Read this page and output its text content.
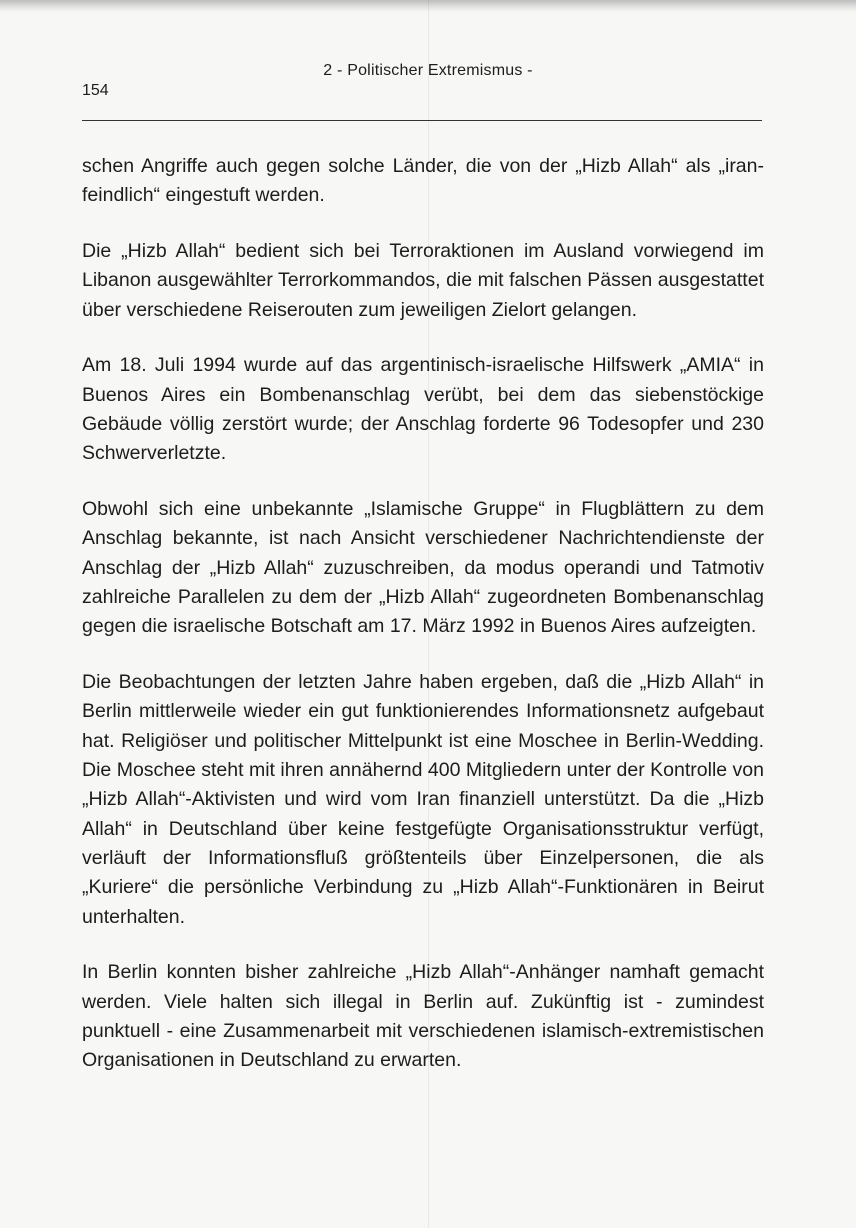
2 - Politischer Extremismus -
154

schen Angriffe auch gegen solche Länder, die von der „Hizb Allah“ als „iran-feindlich“ eingestuft werden.

Die „Hizb Allah“ bedient sich bei Terroraktionen im Ausland vorwiegend im Libanon ausgewählter Terrorkommandos, die mit falschen Pässen ausgestattet über verschiedene Reiserouten zum jeweiligen Zielort gelangen.

Am 18. Juli 1994 wurde auf das argentinisch-israelische Hilfswerk „AMIA“ in Buenos Aires ein Bombenanschlag verübt, bei dem das siebenstöckige Gebäude völlig zerstört wurde; der Anschlag forderte 96 Todesopfer und 230 Schwerverletzte.

Obwohl sich eine unbekannte „Islamische Gruppe“ in Flugblättern zu dem Anschlag bekannte, ist nach Ansicht verschiedener Nachrichtendienste der Anschlag der „Hizb Allah“ zuzuschreiben, da modus operandi und Tatmotiv zahlreiche Parallelen zu dem der „Hizb Allah“ zugeordneten Bombenanschlag gegen die israelische Botschaft am 17. März 1992 in Buenos Aires aufzeigten.

Die Beobachtungen der letzten Jahre haben ergeben, daß die „Hizb Allah“ in Berlin mittlerweile wieder ein gut funktionierendes Informationsnetz aufgebaut hat. Religiöser und politischer Mittelpunkt ist eine Moschee in Berlin-Wedding. Die Moschee steht mit ihren annähernd 400 Mitgliedern unter der Kontrolle von „Hizb Allah“-Aktivisten und wird vom Iran finanziell unterstützt. Da die „Hizb Allah“ in Deutschland über keine festgefügte Organisationsstruktur verfügt, verläuft der Informationsfluß größtenteils über Einzelpersonen, die als „Kuriere“ die persönliche Verbindung zu „Hizb Allah“-Funktionären in Beirut unterhalten.

In Berlin konnten bisher zahlreiche „Hizb Allah“-Anhänger namhaft gemacht werden. Viele halten sich illegal in Berlin auf. Zukünftig ist - zumindest punktuell - eine Zusammenarbeit mit verschiedenen islamisch-extremistischen Organisationen in Deutschland zu erwarten.
